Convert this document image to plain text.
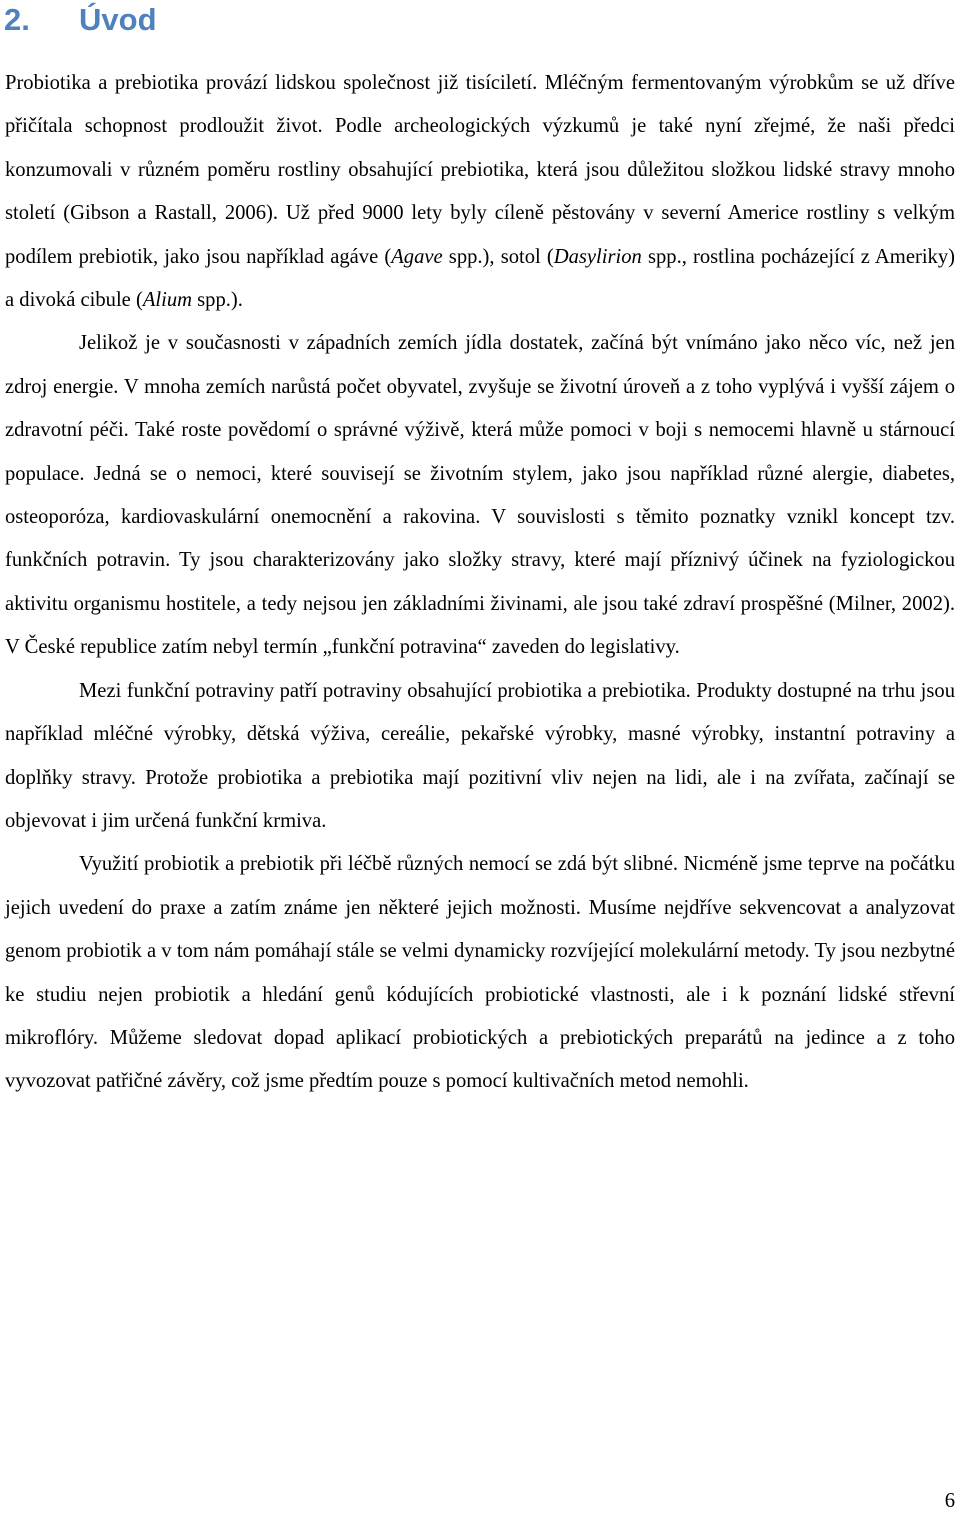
2. Úvod

Probiotika a prebiotika provází lidskou společnost již tisíciletí. Mléčným fermentovaným výrobkům se už dříve přičítala schopnost prodloužit život. Podle archeologických výzkumů je také nyní zřejmé, že naši předci konzumovali v různém poměru rostliny obsahující prebiotika, která jsou důležitou složkou lidské stravy mnoho století (Gibson a Rastall, 2006). Už před 9000 lety byly cíleně pěstovány v severní Americe rostliny s velkým podílem prebiotik, jako jsou například agáve (Agave spp.), sotol (Dasylirion spp., rostlina pocházející z Ameriky) a divoká cibule (Alium spp.).

Jelikož je v současnosti v západních zemích jídla dostatek, začíná být vnímáno jako něco víc, než jen zdroj energie. V mnoha zemích narůstá počet obyvatel, zvyšuje se životní úroveň a z toho vyplývá i vyšší zájem o zdravotní péči. Také roste povědomí o správné výživě, která může pomoci v boji s nemocemi hlavně u stárnoucí populace. Jedná se o nemoci, které souvisejí se životním stylem, jako jsou například různé alergie, diabetes, osteoporóza, kardiovaskulární onemocnění a rakovina. V souvislosti s těmito poznatky vznikl koncept tzv. funkčních potravin. Ty jsou charakterizovány jako složky stravy, které mají příznivý účinek na fyziologickou aktivitu organismu hostitele, a tedy nejsou jen základními živinami, ale jsou také zdraví prospěšné (Milner, 2002). V České republice zatím nebyl termín „funkční potravina“ zaveden do legislativy.

Mezi funkční potraviny patří potraviny obsahující probiotika a prebiotika. Produkty dostupné na trhu jsou například mléčné výrobky, dětská výživa, cereálie, pekařské výrobky, masné výrobky, instantní potraviny a doplňky stravy. Protože probiotika a prebiotika mají pozitivní vliv nejen na lidi, ale i na zvířata, začínají se objevovat i jim určená funkční krmiva.

Využití probiotik a prebiotik při léčbě různých nemocí se zdá být slibné. Nicméně jsme teprve na počátku jejich uvedení do praxe a zatím známe jen některé jejich možnosti. Musíme nejdříve sekvencovat a analyzovat genom probiotik a v tom nám pomáhají stále se velmi dynamicky rozvíjející molekulární metody. Ty jsou nezbytné ke studiu nejen probiotik a hledání genů kódujících probiotické vlastnosti, ale i k poznání lidské střevní mikroflóry. Můžeme sledovat dopad aplikací probiotických a prebiotických preparátů na jedince a z toho vyvozovat patřičné závěry, což jsme předtím pouze s pomocí kultivačních metod nemohli.

6
